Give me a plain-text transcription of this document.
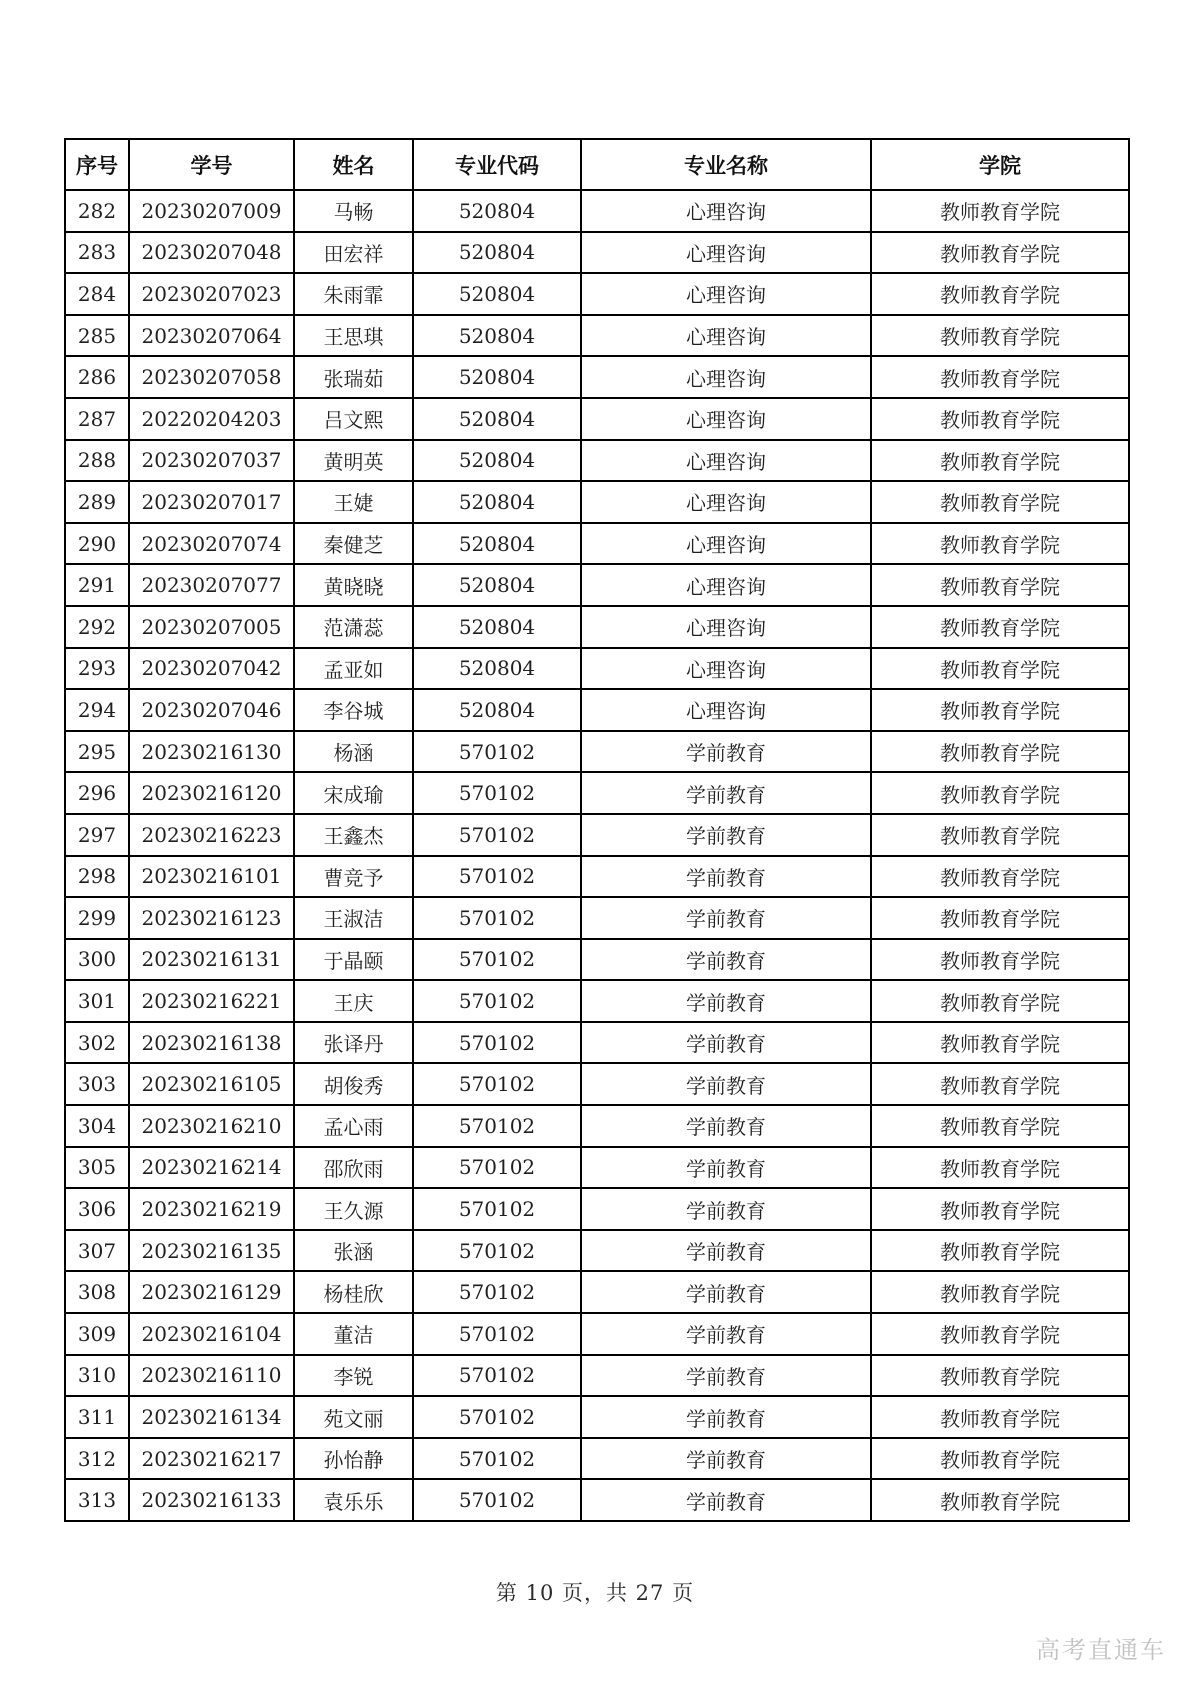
序号	学号	姓名	专业代码	专业名称	学院
282	20230207009	马畅	520804	心理咨询	教师教育学院
283	20230207048	田宏祥	520804	心理咨询	教师教育学院
284	20230207023	朱雨霏	520804	心理咨询	教师教育学院
285	20230207064	王思琪	520804	心理咨询	教师教育学院
286	20230207058	张瑞茹	520804	心理咨询	教师教育学院
287	20220204203	吕文熙	520804	心理咨询	教师教育学院
288	20230207037	黄明英	520804	心理咨询	教师教育学院
289	20230207017	王婕	520804	心理咨询	教师教育学院
290	20230207074	秦健芝	520804	心理咨询	教师教育学院
291	20230207077	黄晓晓	520804	心理咨询	教师教育学院
292	20230207005	范潇蕊	520804	心理咨询	教师教育学院
293	20230207042	孟亚如	520804	心理咨询	教师教育学院
294	20230207046	李谷城	520804	心理咨询	教师教育学院
295	20230216130	杨涵	570102	学前教育	教师教育学院
296	20230216120	宋成瑜	570102	学前教育	教师教育学院
297	20230216223	王鑫杰	570102	学前教育	教师教育学院
298	20230216101	曹竞予	570102	学前教育	教师教育学院
299	20230216123	王淑洁	570102	学前教育	教师教育学院
300	20230216131	于晶颐	570102	学前教育	教师教育学院
301	20230216221	王庆	570102	学前教育	教师教育学院
302	20230216138	张译丹	570102	学前教育	教师教育学院
303	20230216105	胡俊秀	570102	学前教育	教师教育学院
304	20230216210	孟心雨	570102	学前教育	教师教育学院
305	20230216214	邵欣雨	570102	学前教育	教师教育学院
306	20230216219	王久源	570102	学前教育	教师教育学院
307	20230216135	张涵	570102	学前教育	教师教育学院
308	20230216129	杨桂欣	570102	学前教育	教师教育学院
309	20230216104	董洁	570102	学前教育	教师教育学院
310	20230216110	李锐	570102	学前教育	教师教育学院
311	20230216134	苑文丽	570102	学前教育	教师教育学院
312	20230216217	孙怡静	570102	学前教育	教师教育学院
313	20230216133	袁乐乐	570102	学前教育	教师教育学院
第 10 页，共 27 页
高考直通车
